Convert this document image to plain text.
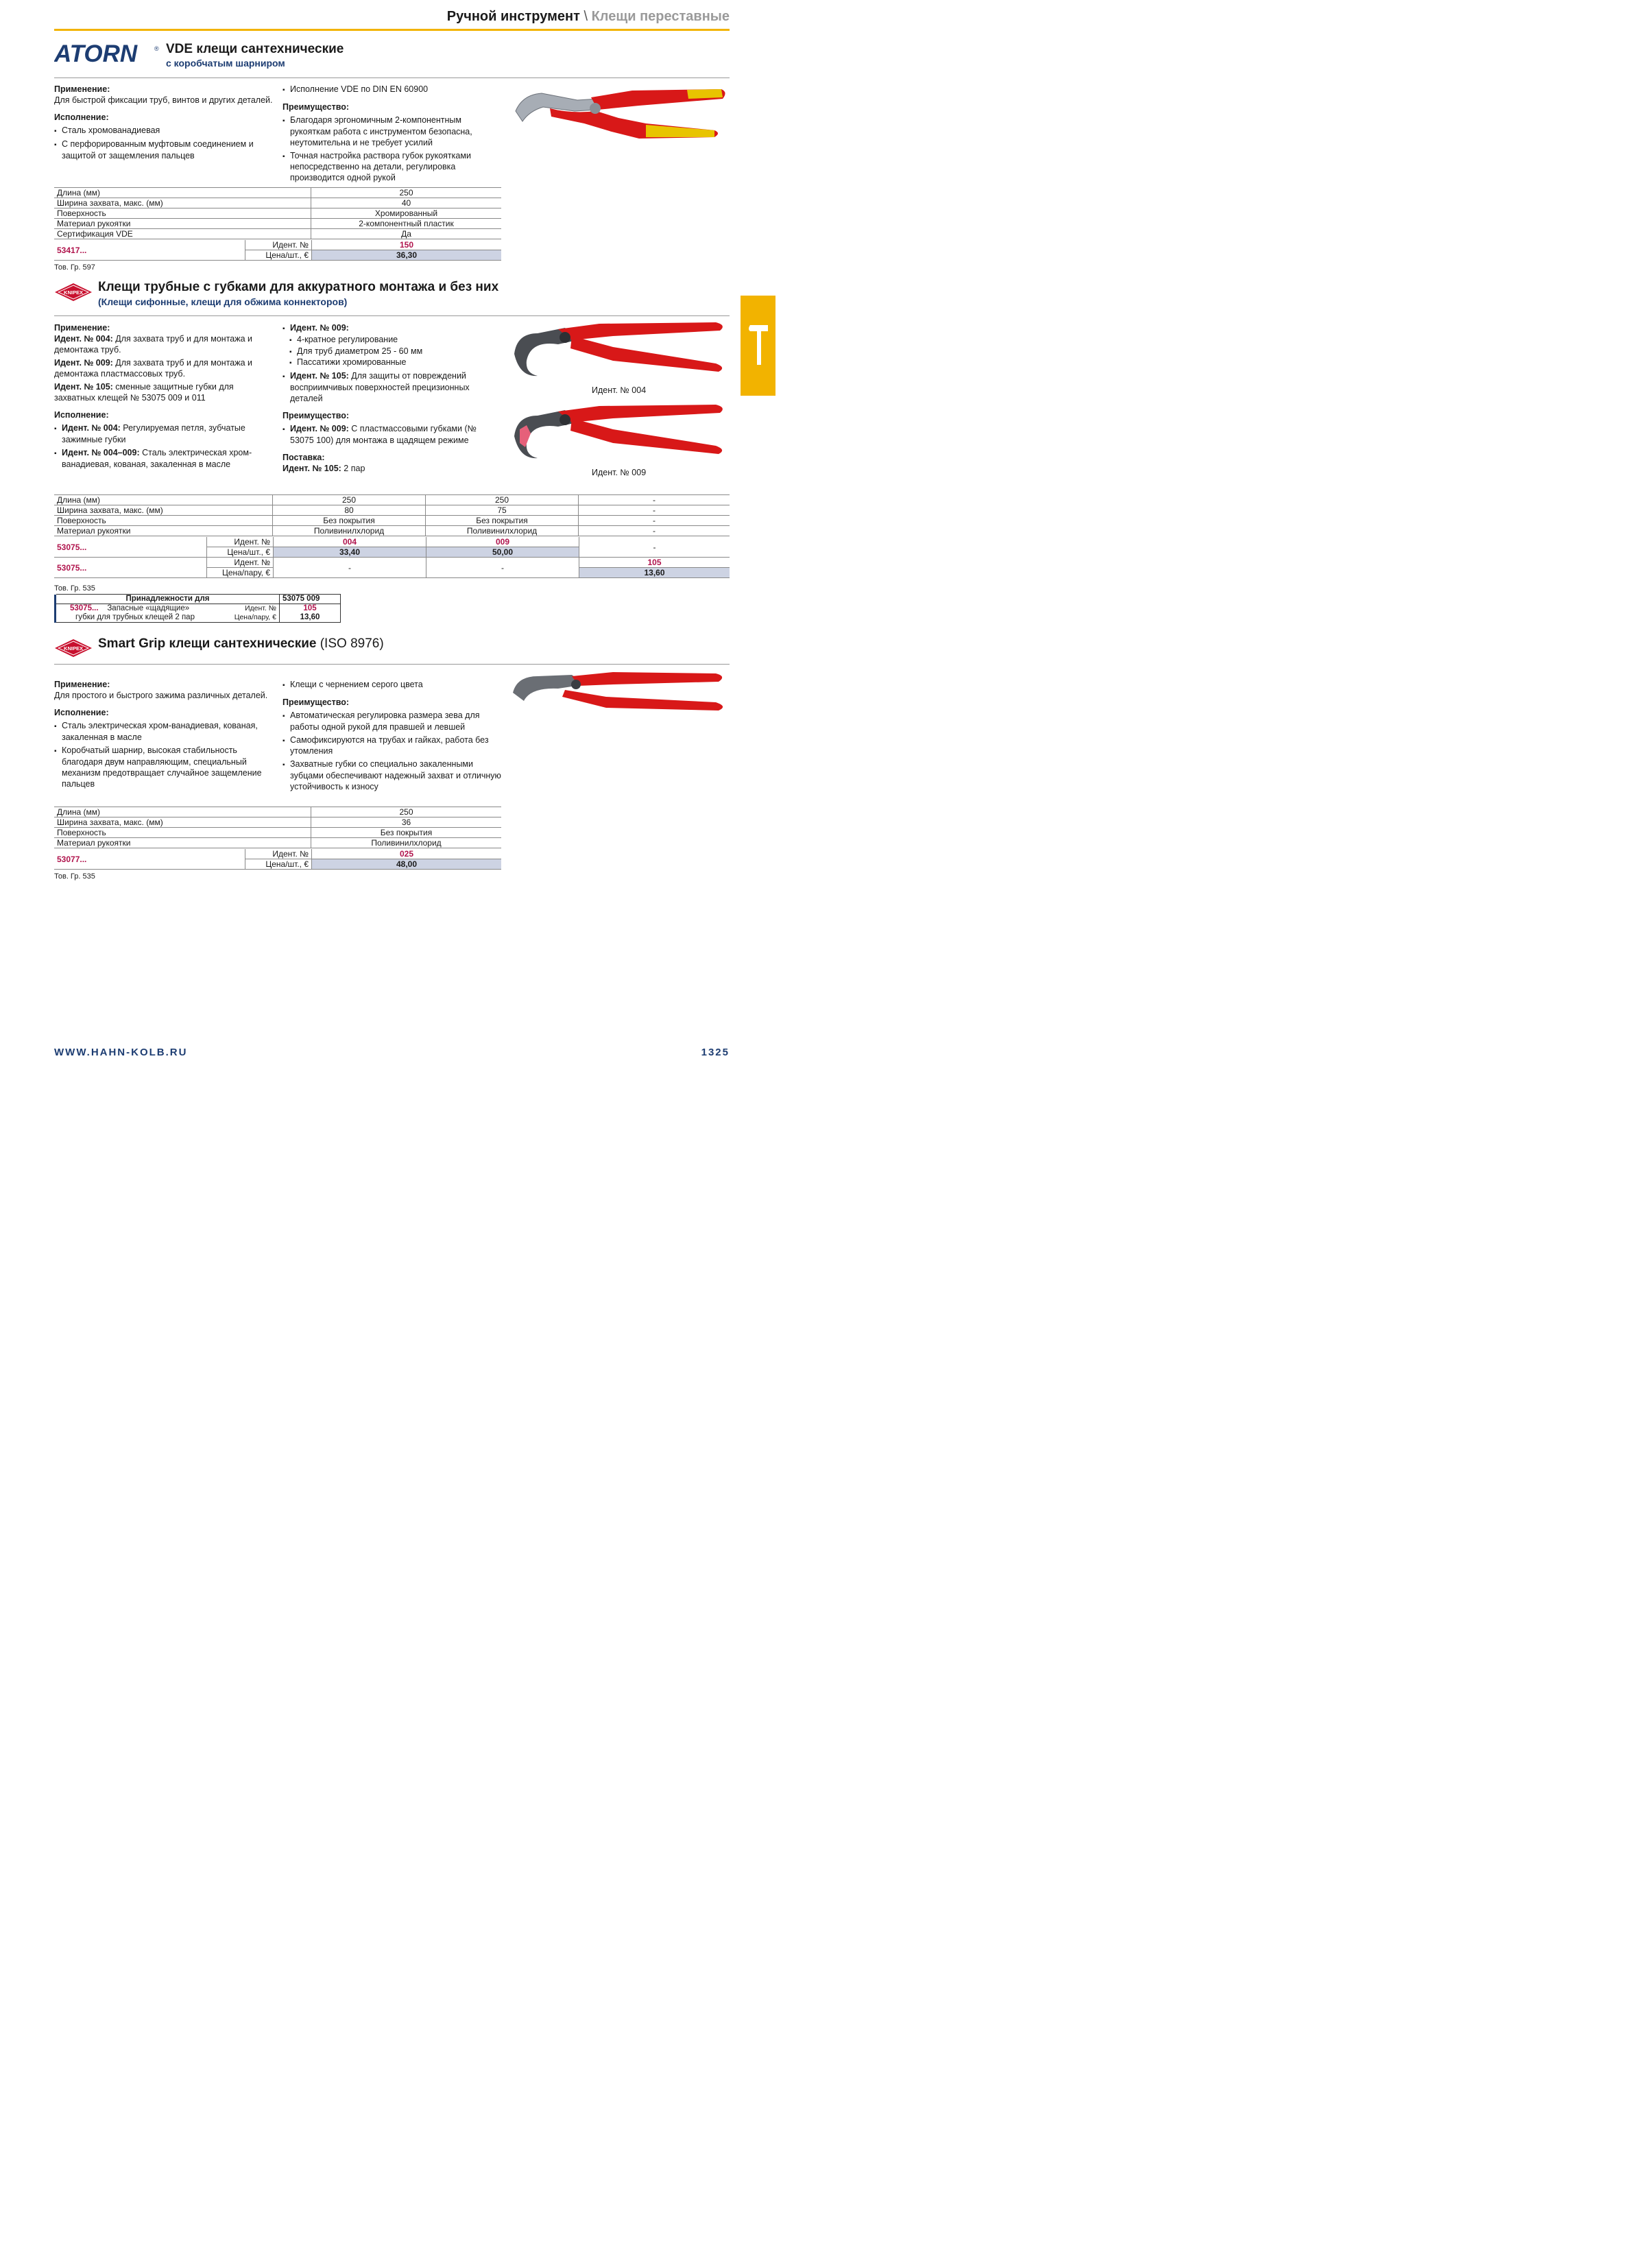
Ручной инструмент \ Клещи переставные
ATORN	® VDE клещи сантехнические
с коробчатым шарниром
Применение:
Для быстрой фиксации труб, винтов и других деталей.
Исполнение:
▪ Сталь хромованадиевая
▪ С перфорированным муфтовым соединением и защитой от защемления пальцев
▪ Исполнение VDE по DIN EN 60900
Преимущество:
▪ Благодаря эргономичным 2-компонентным рукояткам работа с инструментом безопасна, неутомительна и не требует усилий
▪ Точная настройка раствора губок рукоятками непосредственно на детали, регулировка производится одной рукой
Длина (мм)	250
Ширина захвата, макс. (мм)	40
Поверхность	Хромированный
Материал рукоятки	2-компонентный пластик
Сертификация VDE	Да
53417...	Идент. №	150
	Цена/шт., €	36,30
Тов. Гр. 597
KNIPEX Клещи трубные с губками для аккуратного монтажа и без них
(Клещи сифонные, клещи для обжима коннекторов)
Применение:
Идент. № 004: Для захвата труб и для монтажа и демонтажа труб.
Идент. № 009: Для захвата труб и для монтажа и демонтажа пластмассовых труб.
Идент. № 105: сменные защитные губки для захватных клещей № 53075 009 и 011
Исполнение:
▪ Идент. № 004: Регулируемая петля, зубчатые зажимные губки
▪ Идент. № 004–009: Сталь электрическая хром-ванадиевая, кованая, закаленная в масле
▪ Идент. № 009:
▪ 4-кратное регулирование
▪ Для труб диаметром 25 - 60 мм
▪ Пассатижи хромированные
▪ Идент. № 105: Для защиты от повреждений восприимчивых поверхностей прецизионных деталей
Преимущество:
▪ Идент. № 009: С пластмассовыми губками (№ 53075 100) для монтажа в щадящем режиме
Поставка:
Идент. № 105: 2 пар
Идент. № 004
Идент. № 009
Длина (мм)	250	250	-
Ширина захвата, макс. (мм)	80	75	-
Поверхность	Без покрытия	Без покрытия	-
Материал рукоятки	Поливинилхлорид	Поливинилхлорид	-
53075...	Идент. №	004	009	-
	Цена/шт., €	33,40	50,00	
53075...	Идент. №	-	-	105
	Цена/пару, €			13,60
Тов. Гр. 535
	Принадлежности для		53075 009
	53075... Запасные «щадящие»	Идент. №	105
	губки для трубных клещей 2 пар	Цена/пару, €	13,60
KNIPEX Smart Grip клещи сантехнические (ISO 8976)
Применение:
Для простого и быстрого зажима различных деталей.
Исполнение:
▪ Сталь электрическая хром-ванадиевая, кованая, закаленная в масле
▪ Коробчатый шарнир, высокая стабильность благодаря двум направляющим, специальный механизм предотвращает случайное защемление пальцев
▪ Клещи с чернением серого цвета
Преимущество:
▪ Автоматическая регулировка размера зева для работы одной рукой для правшей и левшей
▪ Самофиксируются на трубах и гайках, работа без утомления
▪ Захватные губки со специально закаленными зубцами обеспечивают надежный захват и отличную устойчивость к износу
Длина (мм)	250
Ширина захвата, макс. (мм)	36
Поверхность	Без покрытия
Материал рукоятки	Поливинилхлорид
53077...	Идент. №	025
	Цена/шт., €	48,00
Тов. Гр. 535
WWW.HAHN-KOLB.RU	1325
